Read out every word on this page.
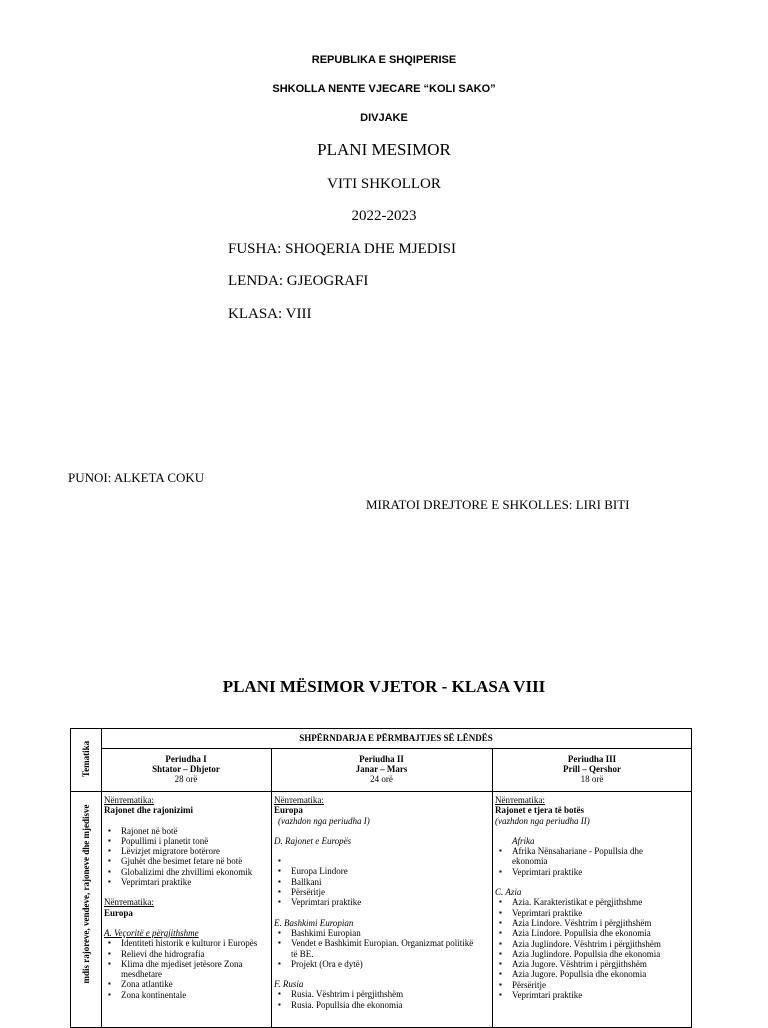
REPUBLIKA E SHQIPERISE
SHKOLLA NENTE VJECARE “KOLI SAKO”
DIVJAKE
PLANI MESIMOR
VITI SHKOLLOR
2022-2023
FUSHA: SHOQERIA DHE MJEDISI
LENDA: GJEOGRAFI
KLASA: VIII
PUNOI: ALKETA COKU
MIRATOI DREJTORE E SHKOLLES: LIRI BITI
PLANI MËSIMOR VJETOR - KLASA VIII
Tematika
mdis rajoreve, vendeve, rajoneve dhe mjedisve
SHPËRNDARJA E PËRMBAJTJES SË LËNDËS
Periudha I
Shtator – Dhjetor
28 orë
Periudha II
Janar – Mars
24 orë
Periudha III
Prill – Qershor
18 orë
Nënтematika:
Rajonet dhe rajonizimi
▪ Rajonet në botë
▪ Popullimi i planetit tonë
▪ Lëvizjet migratore botërore
▪ Gjuhët dhe besimet fetare në botë
▪ Globalizimi dhe zhvillimi ekonomik
▪ Veprimtari praktike
Nënтematika:
Europa
A. Veçoritë e përgjithshme
▪ Identiteti historik e kulturor i Europës
▪ Relievi dhe hidrografia
▪ Klima dhe mjediset jetësore Zona mesdhetare
▪ Zona atlantike
▪ Zona kontinentale
Nënтematika:
Europa
(vazhdon nga periudha I)
D. Rajonet e Europës
▪
▪ Europa Lindore
▪ Ballkani
▪ Përsëritje
▪ Veprimtari praktike
E. Bashkimi Europian
▪ Bashkimi Europian
▪ Vendet e Bashkimit Europian. Organizmat politikë të BE.
▪ Projekt (Ora e dytë)
F. Rusia
▪ Rusia. Vështrim i përgjithshëm
▪ Rusia. Popullsia dhe ekonomia
Nënтematika:
Rajonet e tjera të botës
(vazhdon nga periudha II)
Afrika
▪ Afrika Nënsahariane - Popullsia dhe ekonomia
▪ Veprimtari praktike
C. Azia
▪ Azia. Karakteristikat e përgjithshme
▪ Veprimtari praktike
▪ Azia Lindore. Vështrim i përgjithshëm
▪ Azia Lindore. Popullsia dhe ekonomia
▪ Azia Juglindore. Vështrim i përgjithshëm
▪ Azia Juglindore. Popullsia dhe ekonomia
▪ Azia Jugore. Vështrim i përgjithshëm
▪ Azia Jugore. Popullsia dhe ekonomia
▪ Përsëritje
▪ Veprimtari praktike
